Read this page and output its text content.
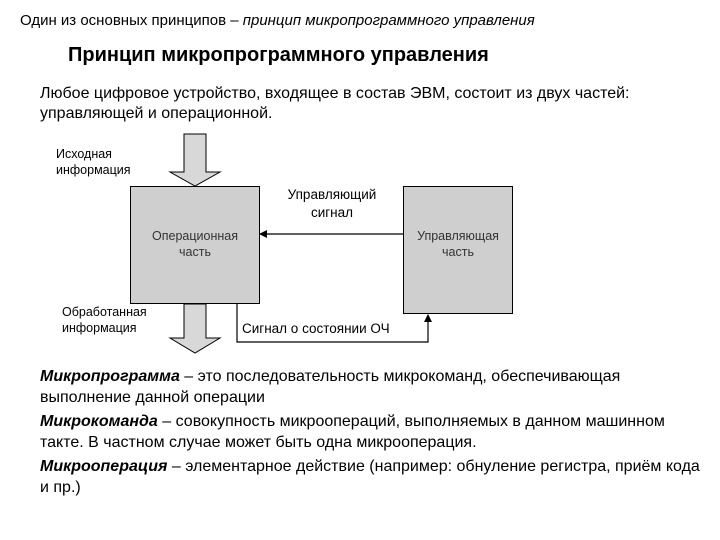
Один из основных принципов – принцип микропрограммного управления
Принцип микропрограммного управления
Любое цифровое устройство, входящее в состав ЭВМ, состоит из двух частей: управляющей и операционной.
Операционная
часть
Управляющая
часть
Исходная
информация
Управляющий
сигнал
Обработанная
информация	Сигнал о состоянии ОЧ

Микропрограмма – это последовательность микрокоманд, обеспечивающая выполнение данной операции

Микрокоманда – совокупность микроопераций, выполняемых в данном машинном такте. В частном случае может быть одна микрооперация.

Микрооперация – элементарное действие (например: обнуление регистра, приём кода и пр.)
